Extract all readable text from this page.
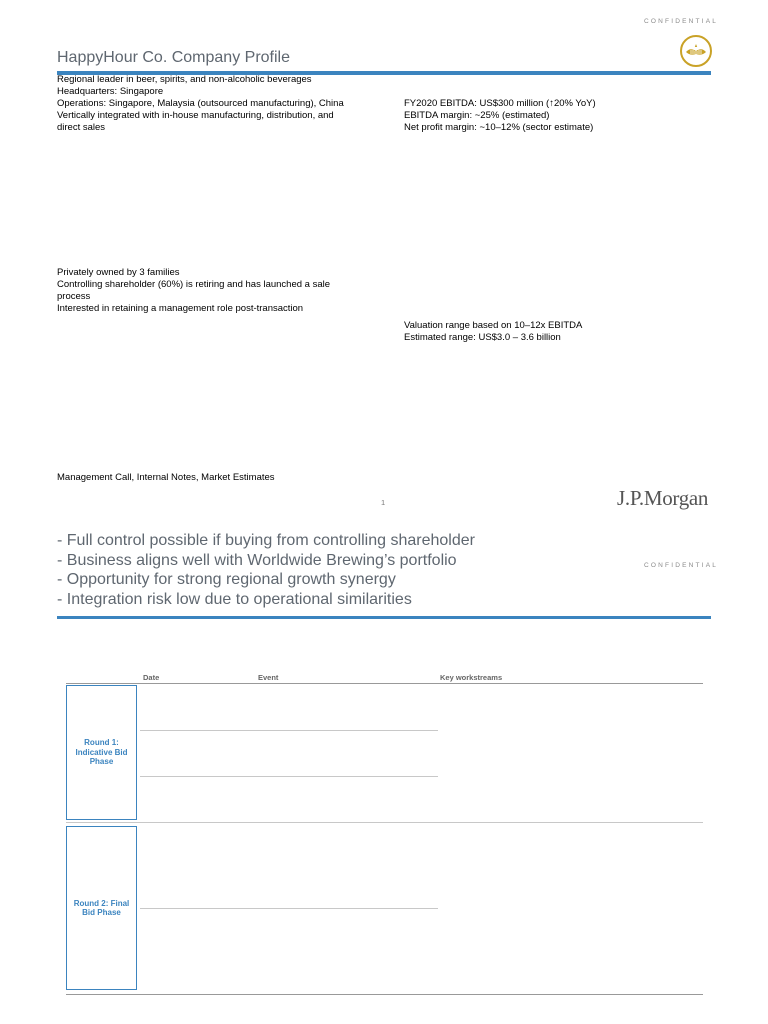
CONFIDENTIAL
HappyHour Co. Company Profile
Regional leader in beer, spirits, and non-alcoholic beverages
Headquarters: Singapore
Operations: Singapore, Malaysia (outsourced manufacturing), China
Vertically integrated with in-house manufacturing, distribution, and
direct sales
FY2020 EBITDA: US$300 million (↑20% YoY)
EBITDA margin: ~25% (estimated)
Net profit margin: ~10–12% (sector estimate)
Privately owned by 3 families
Controlling shareholder (60%) is retiring and has launched a sale
process
Interested in retaining a management role post-transaction
Valuation range based on 10–12x EBITDA
Estimated range: US$3.0 – 3.6 billion
Management Call, Internal Notes, Market Estimates
1	J.P.Morgan
- Full control possible if buying from controlling shareholder
- Business aligns well with Worldwide Brewing’s portfolio
- Opportunity for strong regional growth synergy
- Integration risk low due to operational similarities
CONFIDENTIAL
Date	Event	Key workstreams
Round 1: Indicative Bid Phase
Round 2: Final Bid Phase
